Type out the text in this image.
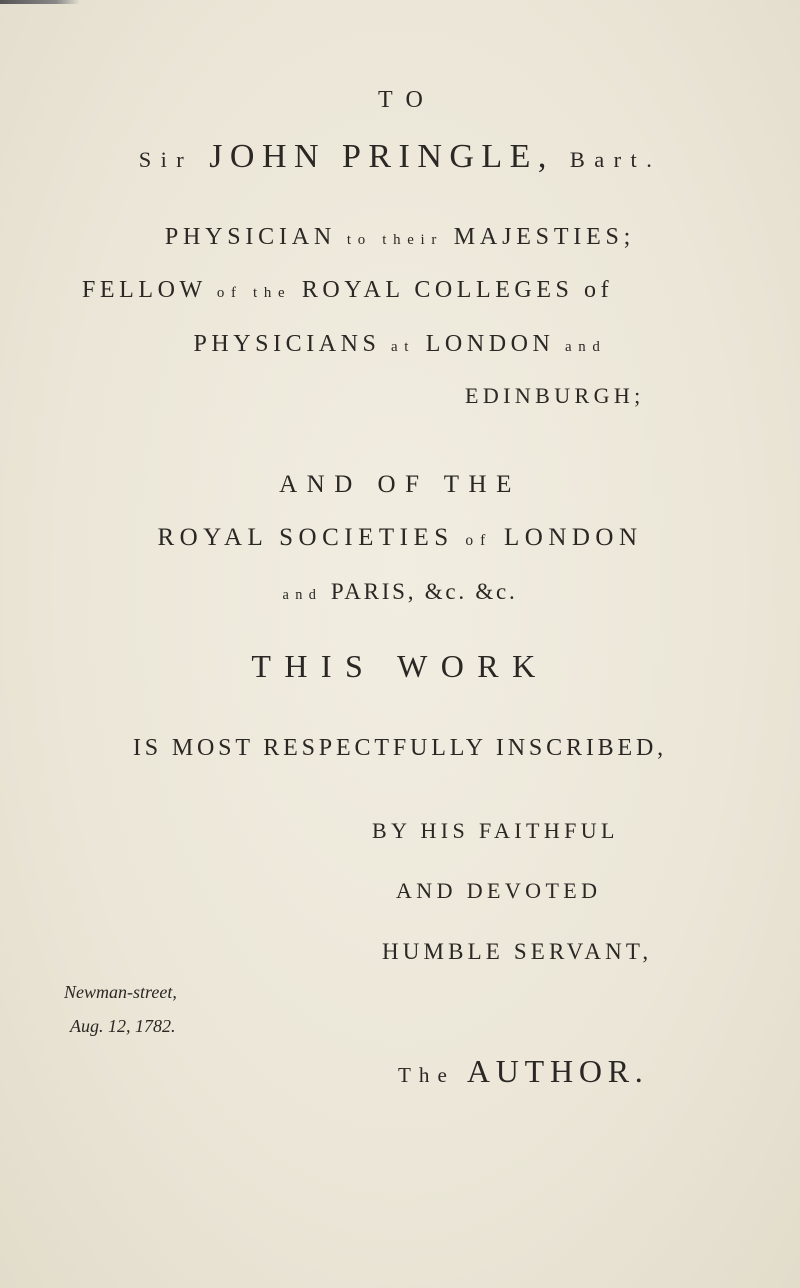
TO
Sir JOHN PRINGLE, Bart.
PHYSICIAN to their MAJESTIES;
FELLOW of the ROYAL COLLEGES of
PHYSICIANS at LONDON and
EDINBURGH;
AND OF THE
ROYAL SOCIETIES of LONDON
and PARIS, &c. &c.
THIS WORK
IS MOST RESPECTFULLY INSCRIBED,
BY HIS FAITHFUL
AND DEVOTED
HUMBLE SERVANT,
Newman-street,
Aug. 12, 1782.
The AUTHOR.
